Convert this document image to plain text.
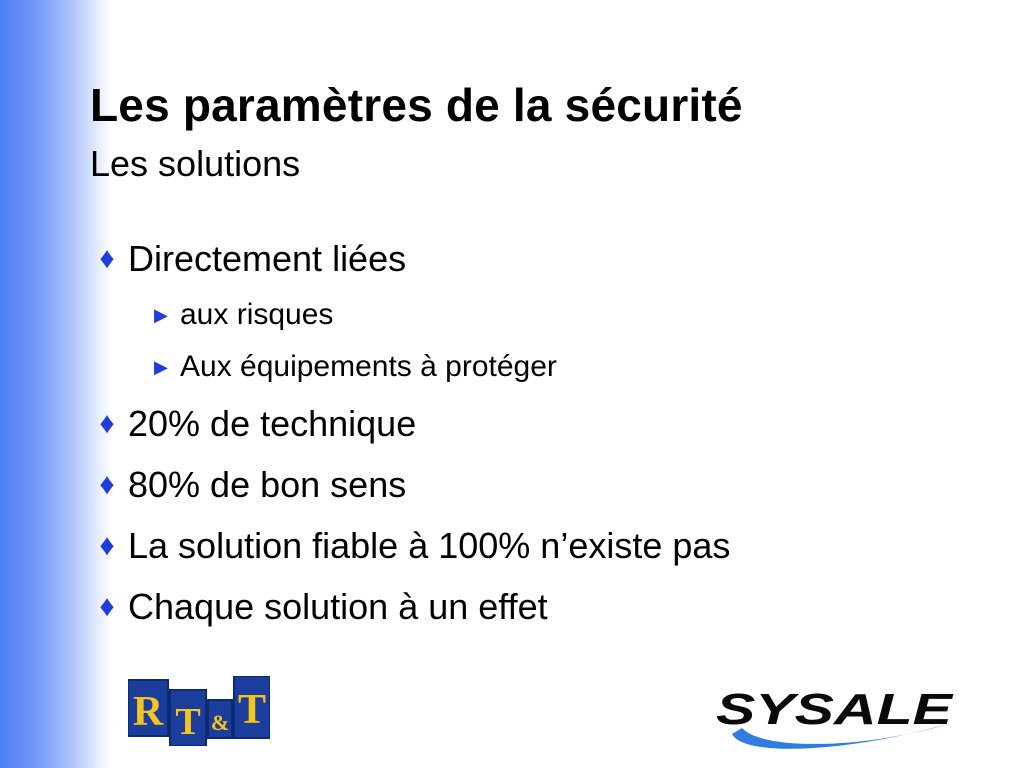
Les paramètres de la sécurité
Les solutions
♦ Directement liées
▶ aux risques
▶ Aux équipements à protéger
♦ 20% de technique
♦ 80% de bon sens
♦ La solution fiable à 100% n’existe pas
♦ Chaque solution à un effet
R T & T	SYSALE
